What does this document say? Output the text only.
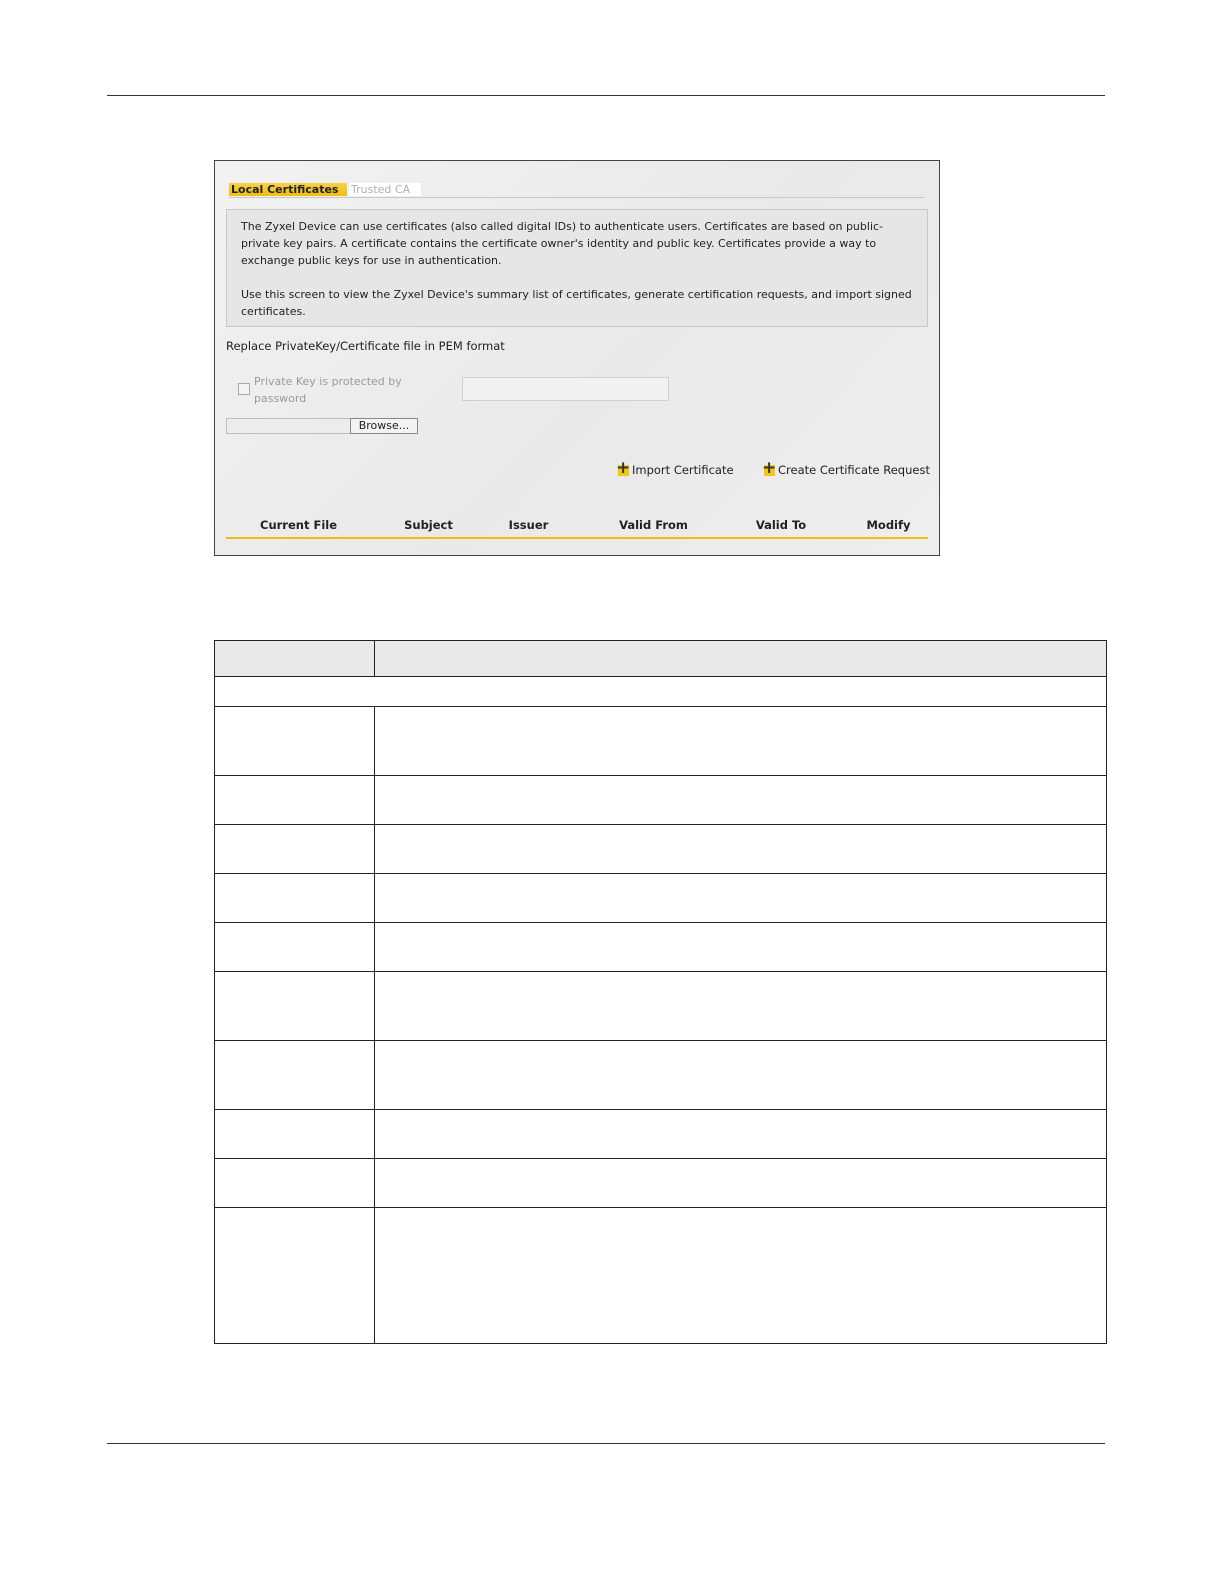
Local Certificates	Trusted CA

The Zyxel Device can use certificates (also called digital IDs) to authenticate users. Certificates are based on public-private key pairs. A certificate contains the certificate owner's identity and public key. Certificates provide a way to exchange public keys for use in authentication.

Use this screen to view the Zyxel Device's summary list of certificates, generate certification requests, and import signed certificates.

Replace PrivateKey/Certificate file in PEM format
Private Key is protected by password
Browse...
+Import Certificate
+	Create Certificate Request
Current File	Subject	Issuer	Valid From	Valid To	Modify
